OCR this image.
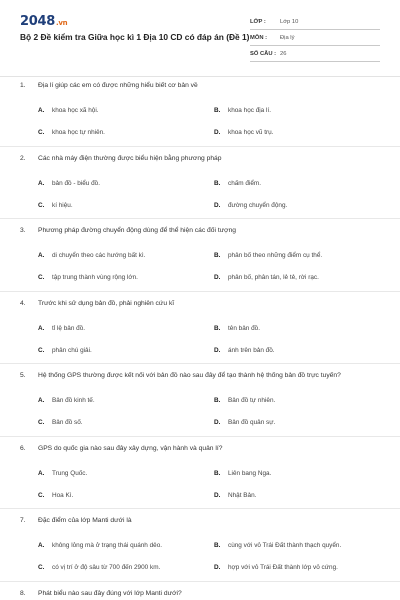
2048.vn
Bộ 2 Đề kiểm tra Giữa học kì 1 Địa 10 CD có đáp án (Đề 1)
LỚP :	Lớp 10
MÔN :	Địa lý
SỐ CÂU : 26
1.	Địa lí giúp các em có được những hiểu biết cơ bản về
A.	khoa học xã hội.	B.	khoa học địa lí.
C.	khoa học tự nhiên.	D.	khoa học vũ trụ.
2.	Các nhà máy điện thường được biểu hiện bằng phương pháp
A.	bản đồ - biểu đồ.	B.	chấm điểm.
C.	kí hiệu.	D.	đường chuyển động.
3.	Phương pháp đường chuyển động dùng để thể hiện các đối tượng
A.	di chuyển theo các hướng bất kì.	B.	phân bố theo những điểm cụ thể.
C.	tập trung thành vùng rộng lớn.	D.	phân bố, phân tán, lẻ tẻ, rời rạc.
4.	Trước khi sử dụng bản đồ, phải nghiên cứu kĩ
A.	tỉ lệ bản đồ.	B.	tên bản đồ.
C.	phân chú giải.	D.	ánh trên bản đồ.
5.	Hệ thống GPS thường được kết nối với bản đồ nào sau đây để tạo thành hệ thống bản đồ trực tuyến?
A.	Bản đồ kinh tế.	B.	Bản đồ tự nhiên.
C.	Bản đồ số.	D.	Bản đồ quân sự.
6.	GPS do quốc gia nào sau đây xây dựng, vận hành và quản lí?
A.	Trung Quốc.	B.	Liên bang Nga.
C.	Hoa Kì.	D.	Nhật Bản.
7.	Đặc điểm của lớp Manti dưới là
A.	không lỏng mà ở trạng thái quánh dẻo.	B.	cùng với vỏ Trái Đất thành thạch quyển.
C.	có vị trí ở độ sâu từ 700 đến 2900 km.	D.	hợp với vỏ Trái Đất thành lớp vỏ cứng.
8.	Phát biểu nào sau đây đúng với lớp Manti dưới?
